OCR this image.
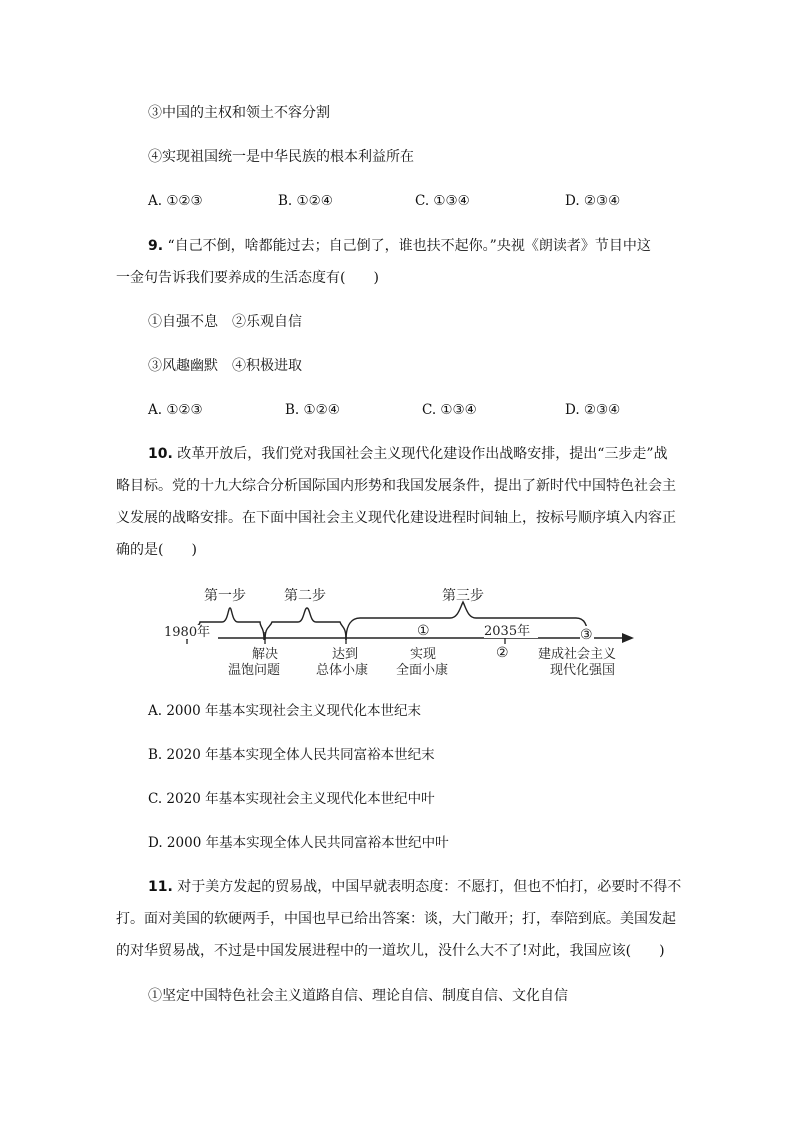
③中国的主权和领土不容分割
④实现祖国统一是中华民族的根本利益所在
A. ①②③	B. ①②④	C. ①③④	D. ②③④
9. “自己不倒，啥都能过去；自己倒了，谁也扶不起你。”央视《朗读者》节目中这
一金句告诉我们要养成的生活态度有(　　)
①自强不息　②乐观自信
③风趣幽默　④积极进取
A. ①②③	B. ①②④	C. ①③④	D. ②③④
10. 改革开放后，我们党对我国社会主义现代化建设作出战略安排，提出“三步走”战
略目标。党的十九大综合分析国际国内形势和我国发展条件，提出了新时代中国特色社会主
义发展的战略安排。在下面中国社会主义现代化建设进程时间轴上，按标号顺序填入内容正
确的是(　　)
第一步	第二步	第三步
1980年	2035年
①	③
解决
温饱问题
达到
总体小康
实现
全面小康
② 建成社会主义
现代化强国
A. 2000 年基本实现社会主义现代化本世纪末
B. 2020 年基本实现全体人民共同富裕本世纪末
C. 2020 年基本实现社会主义现代化本世纪中叶
D. 2000 年基本实现全体人民共同富裕本世纪中叶
11. 对于美方发起的贸易战，中国早就表明态度：不愿打，但也不怕打，必要时不得不
打。面对美国的软硬两手，中国也早已给出答案：谈，大门敞开；打，奉陪到底。美国发起
的对华贸易战，不过是中国发展进程中的一道坎儿，没什么大不了!对此，我国应该(　　)
①坚定中国特色社会主义道路自信、理论自信、制度自信、文化自信
